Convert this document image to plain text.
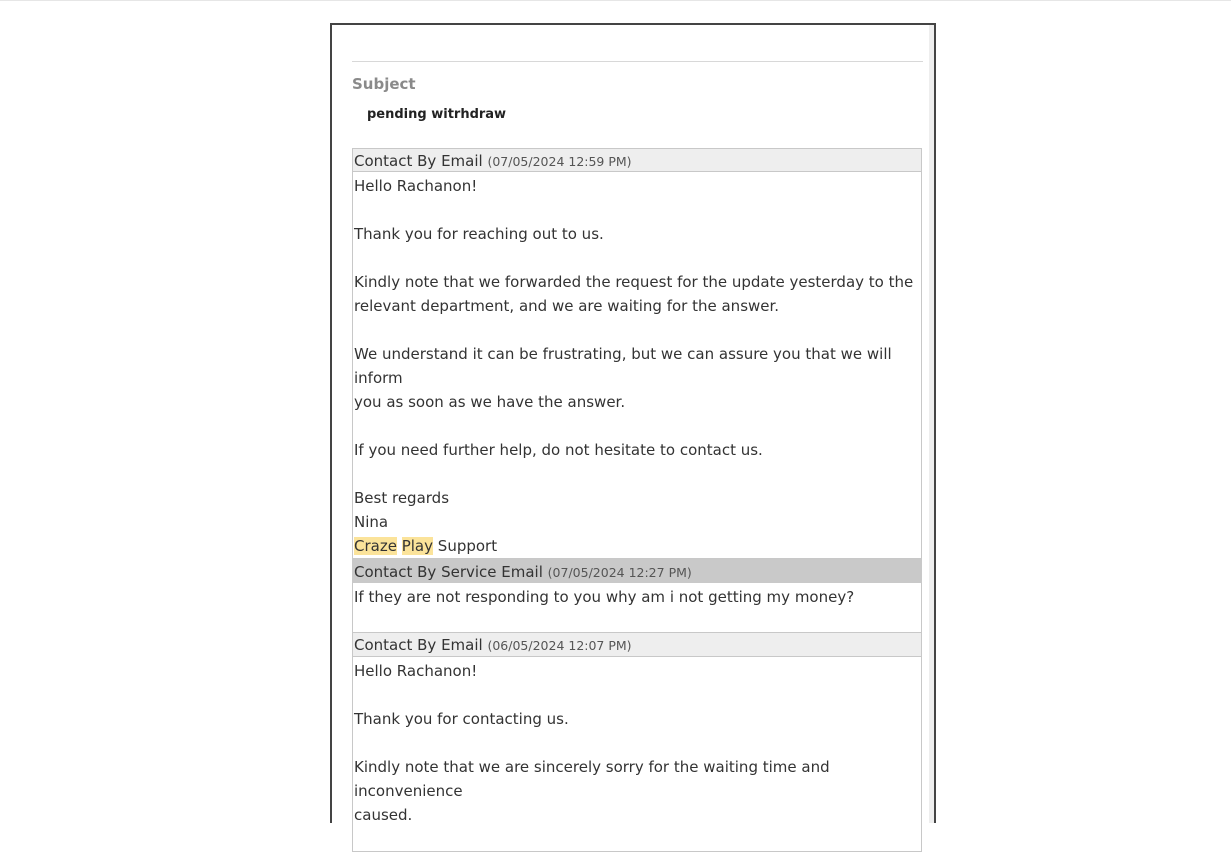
Subject
pending witrhdraw
Contact By Email (07/05/2024 12:59 PM)
Hello Rachanon!
Thank you for reaching out to us.
Kindly note that we forwarded the request for the update yesterday to the
relevant department, and we are waiting for the answer.
We understand it can be frustrating, but we can assure you that we will inform
you as soon as we have the answer.
If you need further help, do not hesitate to contact us.
Best regards
Nina
Craze Play Support
Contact By Service Email (07/05/2024 12:27 PM)
If they are not responding to you why am i not getting my money?
Contact By Email (06/05/2024 12:07 PM)
Hello Rachanon!
Thank you for contacting us.
Kindly note that we are sincerely sorry for the waiting time and inconvenience
caused.
